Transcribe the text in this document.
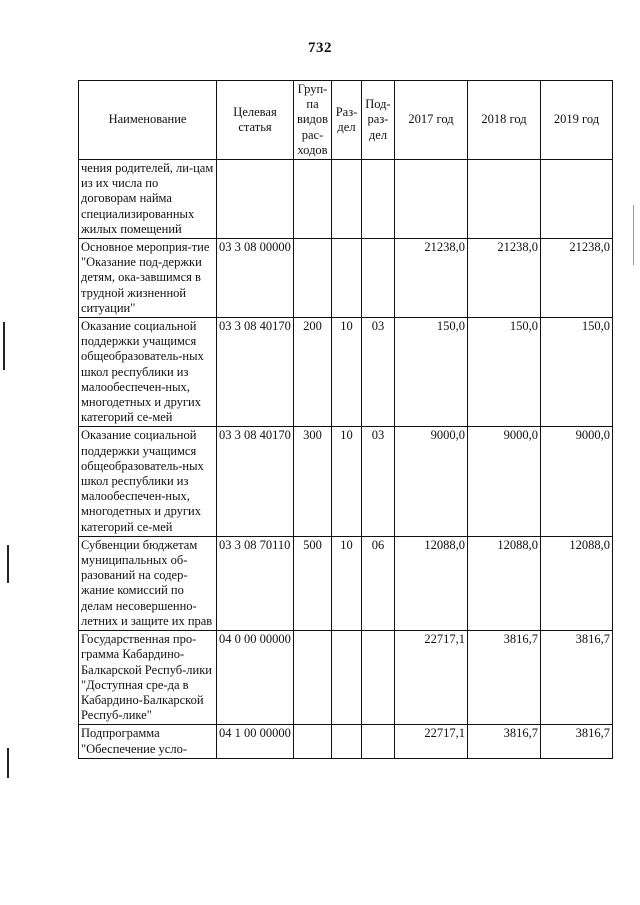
732
Наименование	Целевая статья	Груп-па видов рас-ходов	Раз-дел	Под-раз-дел	2017 год	2018 год	2019 год
чения родителей, ли-цам из их числа по договорам найма специализированных жилых помещений							
Основное мероприя-тие "Оказание под-держки детям, ока-завшимся в трудной жизненной ситуации"	03 3 08 00000				21238,0	21238,0	21238,0
Оказание социальной поддержки учащимся общеобразователь-ных школ республики из малообеспечен-ных, многодетных и других категорий се-мей	03 3 08 40170	200	10	03	150,0	150,0	150,0
Оказание социальной поддержки учащимся общеобразователь-ных школ республики из малообеспечен-ных, многодетных и других категорий се-мей	03 3 08 40170	300	10	03	9000,0	9000,0	9000,0
Субвенции бюджетам муниципальных об-разований на содер-жание комиссий по делам несовершенно-летних и защите их прав	03 3 08 70110	500	10	06	12088,0	12088,0	12088,0
Государственная про-грамма Кабардино-Балкарской Респуб-лики "Доступная сре-да в Кабардино-Балкарской Респуб-лике"	04 0 00 00000				22717,1	3816,7	3816,7
Подпрограмма "Обеспечение усло-	04 1 00 00000				22717,1	3816,7	3816,7
